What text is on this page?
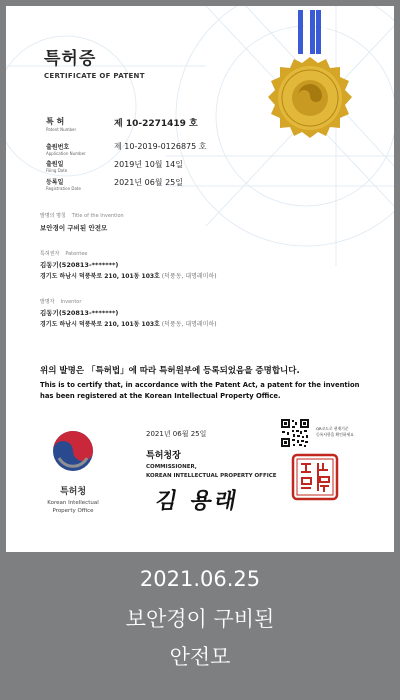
특허증
CERTIFICATE OF PATENT
특 허
Patent Number
제 10-2271419 호
출원번호
Application Number
제 10-2019-0126875 호
출원일
Filing Date
2019년 10월 14일
등록일
Registration Date
2021년 06월 25일
발명의 명칭 Title of the Invention
보안경이 구비된 안전모
특허권자 Patentee
김동기(520813-*******)
경기도 하남시 덕풍북로 210, 101동 103호 (덕풍동, 대명레미하)
발명자 Inventor
김동기(520813-*******)
경기도 하남시 덕풍북로 210, 101동 103호 (덕풍동, 대명레미하)
위의 발명은 「특허법」에 따라 특허원부에 등록되었음을 증명합니다.
This is to certify that, in accordance with the Patent Act, a patent for the invention has been registered at the Korean Intellectual Property Office.
2021년 06월 25일
QR코드로 현재기준
등록사항을 확인하세요
특허청장
COMMISSIONER,
KOREAN INTELLECTUAL PROPERTY OFFICE
김 용래
특허청
Korean Intellectual
Property Office
2021.06.25
보안경이 구비된
안전모
